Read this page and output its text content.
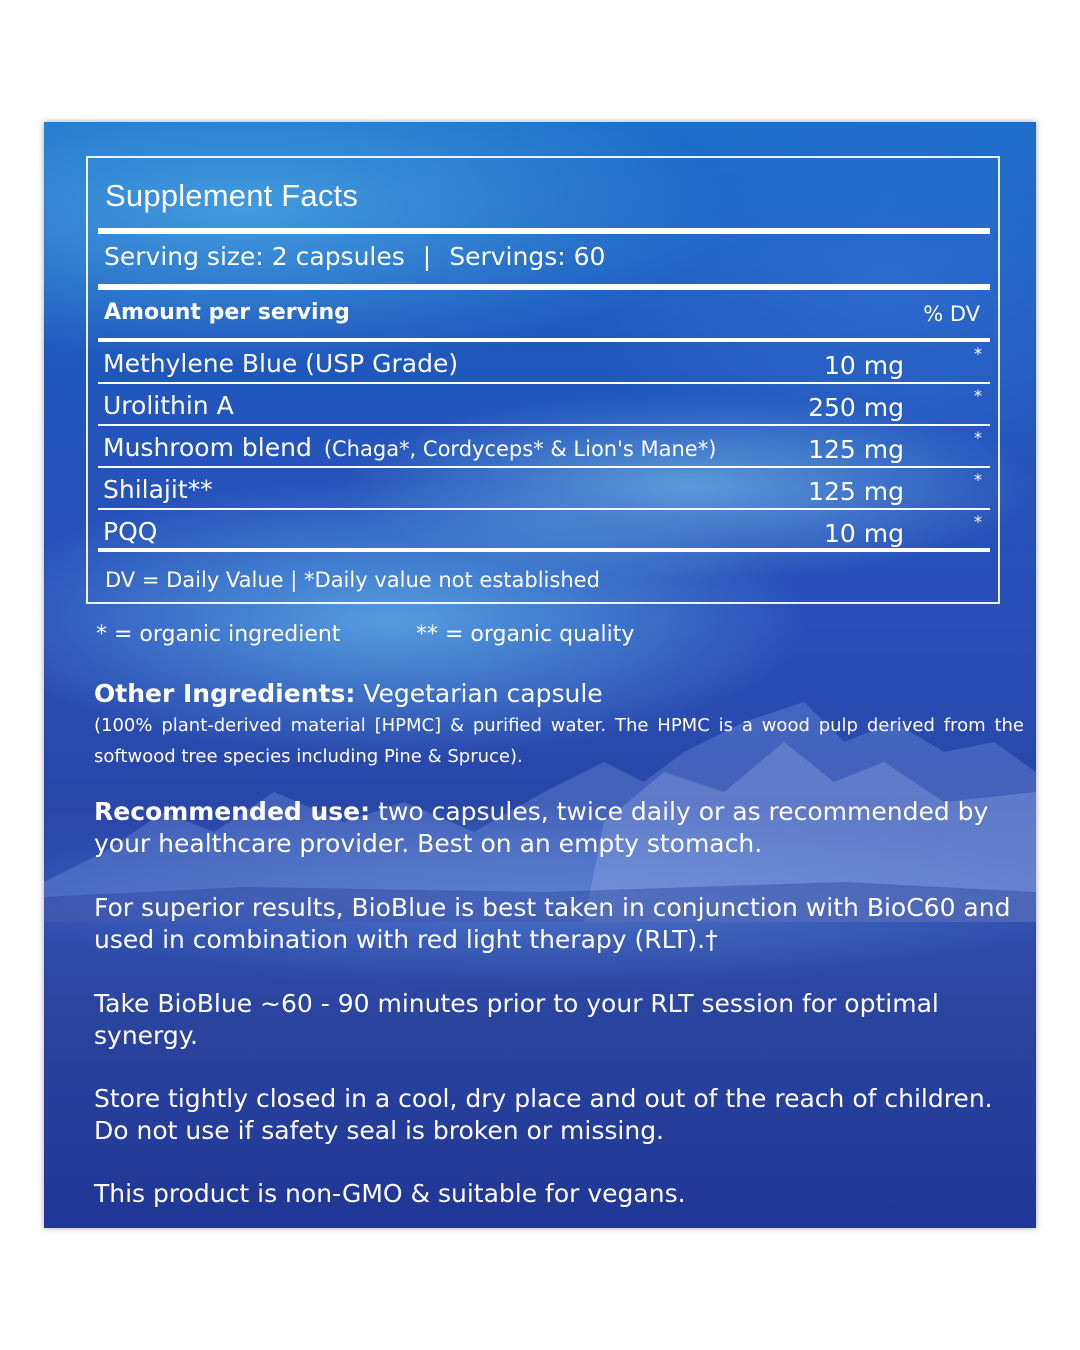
Supplement Facts
Serving size: 2 capsules | Servings: 60
Amount per serving	% DV
Methylene Blue (USP Grade)	10 mg	*
Urolithin A	250 mg	*
Mushroom blend (Chaga*, Cordyceps* & Lion's Mane*)	125 mg	*
Shilajit**	125 mg	*
PQQ	10 mg	*
DV = Daily Value | *Daily value not established
* = organic ingredient	** = organic quality
Other Ingredients: Vegetarian capsule
(100% plant-derived material [HPMC] & purified water. The HPMC is a wood pulp derived from the softwood tree species including Pine & Spruce).
Recommended use: two capsules, twice daily or as recommended by your healthcare provider. Best on an empty stomach.
For superior results, BioBlue is best taken in conjunction with BioC60 and used in combination with red light therapy (RLT).†
Take BioBlue ~60 - 90 minutes prior to your RLT session for optimal synergy.
Store tightly closed in a cool, dry place and out of the reach of children. Do not use if safety seal is broken or missing.
This product is non-GMO & suitable for vegans.
